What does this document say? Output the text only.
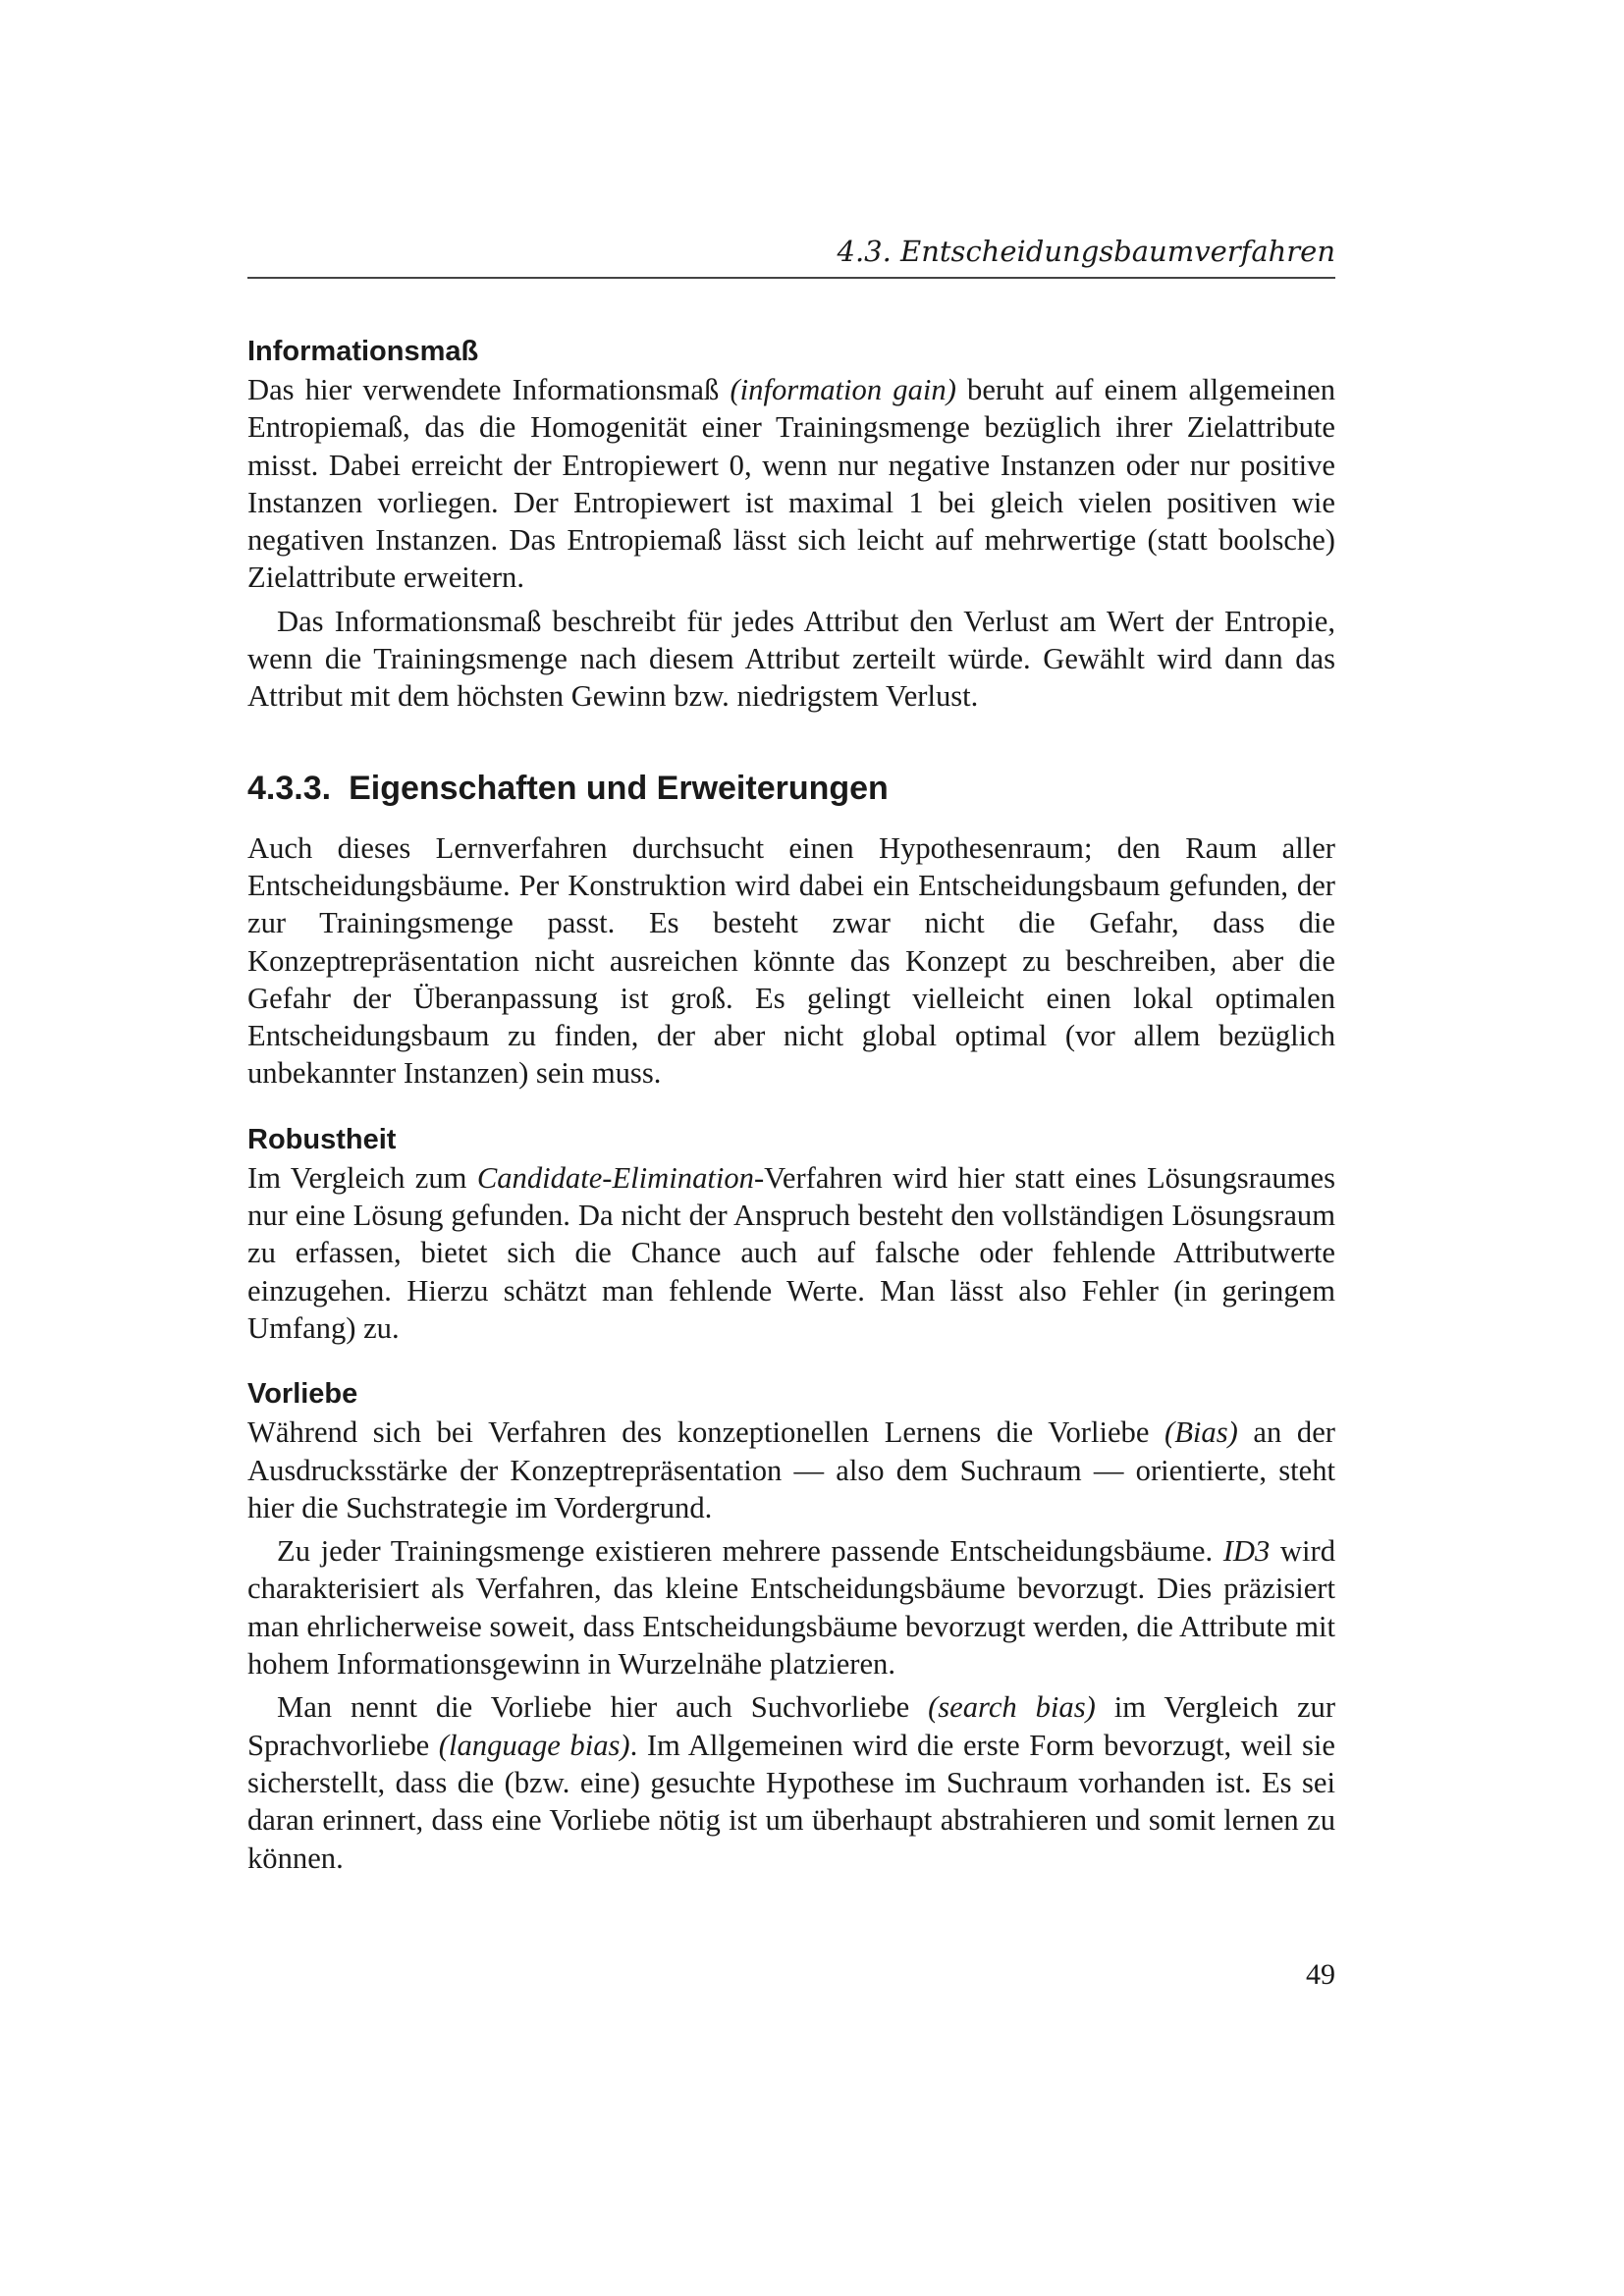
4.3. Entscheidungsbaumverfahren
Informationsmaß

Das hier verwendete Informationsmaß (information gain) beruht auf einem allgemeinen Entropiemaß, das die Homogenität einer Trainingsmenge bezüglich ihrer Zielattribute misst. Dabei erreicht der Entropiewert 0, wenn nur negative Instanzen oder nur positive Instanzen vorliegen. Der Entropiewert ist maximal 1 bei gleich vielen positiven wie negativen Instanzen. Das Entropiemaß lässt sich leicht auf mehrwertige (statt boolsche) Zielattribute erweitern.

Das Informationsmaß beschreibt für jedes Attribut den Verlust am Wert der Entropie, wenn die Trainingsmenge nach diesem Attribut zerteilt würde. Gewählt wird dann das Attribut mit dem höchsten Gewinn bzw. niedrigstem Verlust.

4.3.3. Eigenschaften und Erweiterungen

Auch dieses Lernverfahren durchsucht einen Hypothesenraum; den Raum aller Entscheidungsbäume. Per Konstruktion wird dabei ein Entscheidungsbaum gefunden, der zur Trainingsmenge passt. Es besteht zwar nicht die Gefahr, dass die Konzeptrepräsentation nicht ausreichen könnte das Konzept zu beschreiben, aber die Gefahr der Überanpassung ist groß. Es gelingt vielleicht einen lokal optimalen Entscheidungsbaum zu finden, der aber nicht global optimal (vor allem bezüglich unbekannter Instanzen) sein muss.

Robustheit

Im Vergleich zum Candidate-Elimination-Verfahren wird hier statt eines Lösungsraumes nur eine Lösung gefunden. Da nicht der Anspruch besteht den vollständigen Lösungsraum zu erfassen, bietet sich die Chance auch auf falsche oder fehlende Attributwerte einzugehen. Hierzu schätzt man fehlende Werte. Man lässt also Fehler (in geringem Umfang) zu.

Vorliebe

Während sich bei Verfahren des konzeptionellen Lernens die Vorliebe (Bias) an der Ausdrucksstärke der Konzeptrepräsentation — also dem Suchraum — orientierte, steht hier die Suchstrategie im Vordergrund.

Zu jeder Trainingsmenge existieren mehrere passende Entscheidungsbäume. ID3 wird charakterisiert als Verfahren, das kleine Entscheidungsbäume bevorzugt. Dies präzisiert man ehrlicherweise soweit, dass Entscheidungsbäume bevorzugt werden, die Attribute mit hohem Informationsgewinn in Wurzelnähe platzieren.

Man nennt die Vorliebe hier auch Suchvorliebe (search bias) im Vergleich zur Sprachvorliebe (language bias). Im Allgemeinen wird die erste Form bevorzugt, weil sie sicherstellt, dass die (bzw. eine) gesuchte Hypothese im Suchraum vorhanden ist. Es sei daran erinnert, dass eine Vorliebe nötig ist um überhaupt abstrahieren und somit lernen zu können.

49
